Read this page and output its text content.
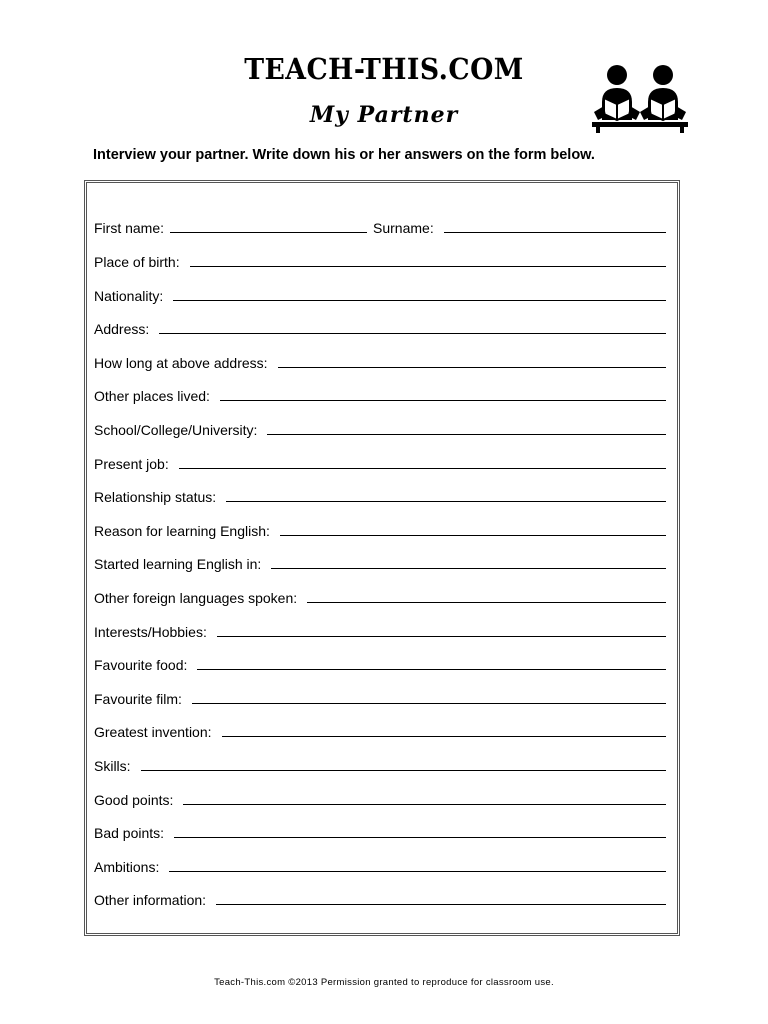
TEACH-THIS.COM
My Partner
Interview your partner. Write down his or her answers on the form below.
First name:	Surname:
Place of birth:
Nationality:
Address:
How long at above address:
Other places lived:
School/College/University:
Present job:
Relationship status:
Reason for learning English:
Started learning English in:
Other foreign languages spoken:
Interests/Hobbies:
Favourite food:
Favourite film:
Greatest invention:
Skills:
Good points:
Bad points:
Ambitions:
Other information:
Teach-This.com ©2013 Permission granted to reproduce for classroom use.
